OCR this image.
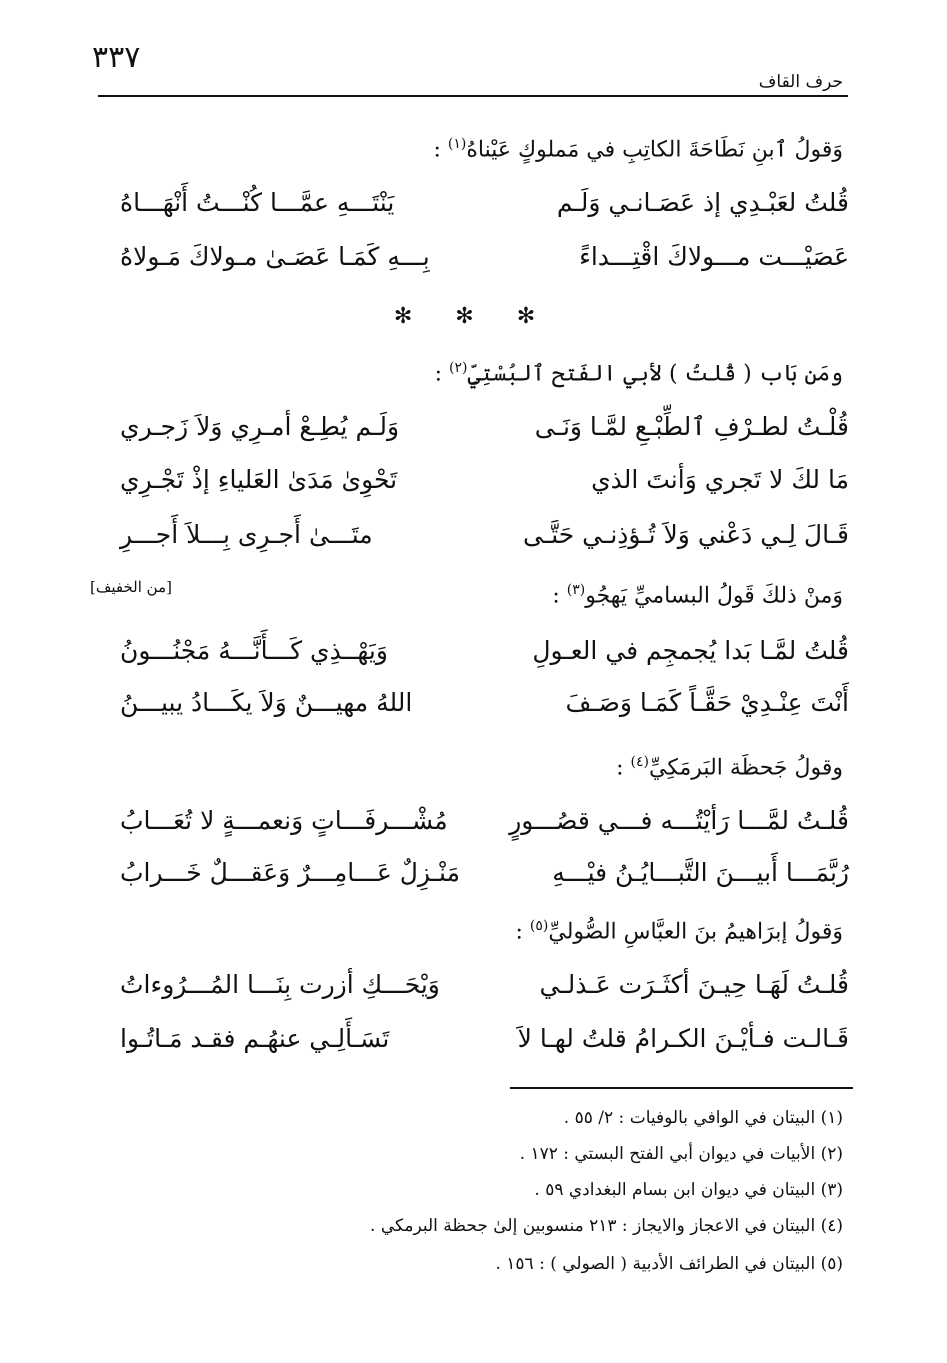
٣٣٧
حرف القاف
وَقولُ ٱبنِ نَطَاحَةَ الكاتِبِ في مَملوكٍ عَيْناهُ$^{(١)}$ :
قُلتُ لعَبْـدِي إذ عَصَـانـي وَلَـم
يَنْتَـــهِ عمَّـــا كُنْـــتُ أَنْهَـــاهُ
عَصَيْـــت مـــولاكَ اقْتِـــداءً
بِـــهِ كَمَـا عَصَـىٰ مـولاكَ مَـولاهُ
✻ ✻ ✻
ومَن بَاب ( قُلتُ ) لأبي الفَتح ٱلبُسْتِيِّ$^{(٢)}$ :
قُلْـتُ لطـرْفِ ٱلطِّبْـعِ لمَّـا وَنَـى
وَلَـم يُطِـعْ أمـرِي وَلاَ زَجـري
مَا لكَ لا تَجري وَأنتَ الذي
تَحْوِىٰ مَدَىٰ العَلياءِ إذْ تَجْـرِي
قَـالَ لِـي دَعْني وَلاَ تُـؤذِنـي حَتَّـى
متَـــىٰ أَجـرِى بِـــلاَ أَجـــرِ
وَمنْ ذلكَ قَولُ البساميِّ يَهجُو$^{(٣)}$ :
[من الخفيف]
قُلتُ لمَّـا بَدا يُجمجِم في العـولِ
وَيَهْــذِي كَـــأَنَّـــهُ مَجْنُـــونُ
أَنْتَ عِنْـدِيْ حَقَّـاً كَمَـا وَصَـفَ
اللهُ مهيـــنٌ وَلاَ يكَـــادُ يبيـــنُ
وقولُ جَحظَة البَرمَكِيِّ$^{(٤)}$ :
قُلـتُ لمَّـــا رَأيْتُـــه فـــي قصُـــورٍ
مُشْـــرفَـــاتٍ وَنعمـــةٍ لا تُعَـــابُ
رُبَّمَـــا أَبيـــنَ التَّبـــايُـنُ فيْـــهِ
مَنْـزِلٌ عَـــامِـــرٌ وَعَقـــلٌ خَـــرابُ
وَقولُ إبرَاهيمُ بنَ العبَّاسِ الصُّوليِّ$^{(٥)}$ :
قُلـتُ لَهَـا حِيـنَ أكثَـرَت عَـذلـي
وَيْحَـــكِ أزرت بِنَـــا المُـــرُوءاتُ
قَـالـت فـأيْـنَ الكـرامُ قلتُ لهـا لاَ
تَسَـأَلِـي عنهُـم فقـد مَـاتُـوا
(١) البيتان في الوافي بالوفيات : ٢/ ٥٥ .
(٢) الأبيات في ديوان أبي الفتح البستي : ١٧٢ .
(٣) البيتان في ديوان ابن بسام البغدادي ٥٩ .
(٤) البيتان في الاعجاز والايجاز : ٢١٣ منسوبين إلىٰ جحظة البرمكي .
(٥) البيتان في الطرائف الأدبية ( الصولي ) : ١٥٦ .
